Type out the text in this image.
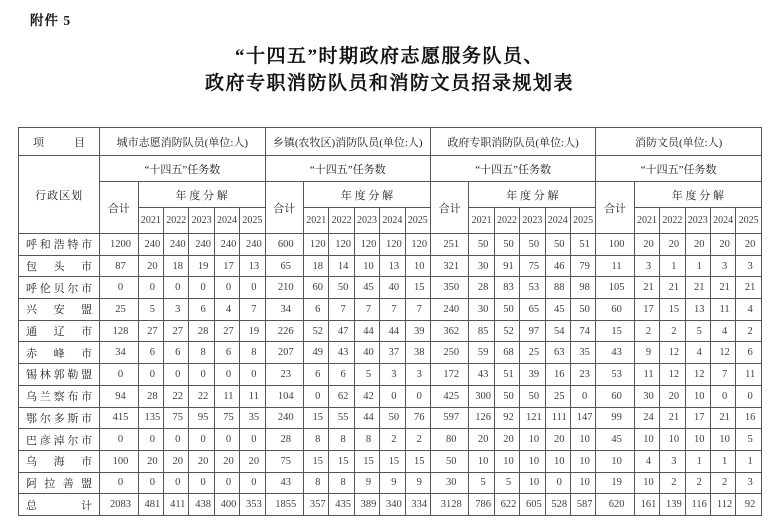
附件 5
“十四五”时期政府志愿服务队员、
政府专职消防队员和消防文员招录规划表
项 目	城市志愿消防队员(单位:人)						乡镇(农牧区)消防队员(单位:人)						政府专职消防队员(单位:人)						消防文员(单位:人)					
行政区划	“十四五”任务数						“十四五”任务数						“十四五”任务数						“十四五”任务数					
	合计	年 度 分 解					合计	年 度 分 解					合计	年 度 分 解					合计	年 度 分 解				
		2021	2022	2023	2024	2025		2021	2022	2023	2024	2025		2021	2022	2023	2024	2025		2021	2022	2023	2024	2025
呼和浩特市	1200	240	240	240	240	240	600	120	120	120	120	120	251	50	50	50	50	51	100	20	20	20	20	20
包 头 市	87	20	18	19	17	13	65	18	14	10	13	10	321	30	91	75	46	79	11	3	1	1	3	3
呼伦贝尔市	0	0	0	0	0	0	210	60	50	45	40	15	350	28	83	53	88	98	105	21	21	21	21	21
兴 安 盟	25	5	3	6	4	7	34	6	7	7	7	7	240	30	50	65	45	50	60	17	15	13	11	4
通 辽 市	128	27	27	28	27	19	226	52	47	44	44	39	362	85	52	97	54	74	15	2	2	5	4	2
赤 峰 市	34	6	6	8	6	8	207	49	43	40	37	38	250	59	68	25	63	35	43	9	12	4	12	6
锡林郭勒盟	0	0	0	0	0	0	23	6	6	5	3	3	172	43	51	39	16	23	53	11	12	12	7	11
乌兰察布市	94	28	22	22	11	11	104	0	62	42	0	0	425	300	50	50	25	0	60	30	20	10	0	0
鄂尔多斯市	415	135	75	95	75	35	240	15	55	44	50	76	597	126	92	121	111	147	99	24	21	17	21	16
巴彦淖尔市	0	0	0	0	0	0	28	8	8	8	2	2	80	20	20	10	20	10	45	10	10	10	10	5
乌 海 市	100	20	20	20	20	20	75	15	15	15	15	15	50	10	10	10	10	10	10	4	3	1	1	1
阿 拉 善 盟	0	0	0	0	0	0	43	8	8	9	9	9	30	5	5	10	0	10	19	10	2	2	2	3
总 计	2083	481	411	438	400	353	1855	357	435	389	340	334	3128	786	622	605	528	587	620	161	139	116	112	92
